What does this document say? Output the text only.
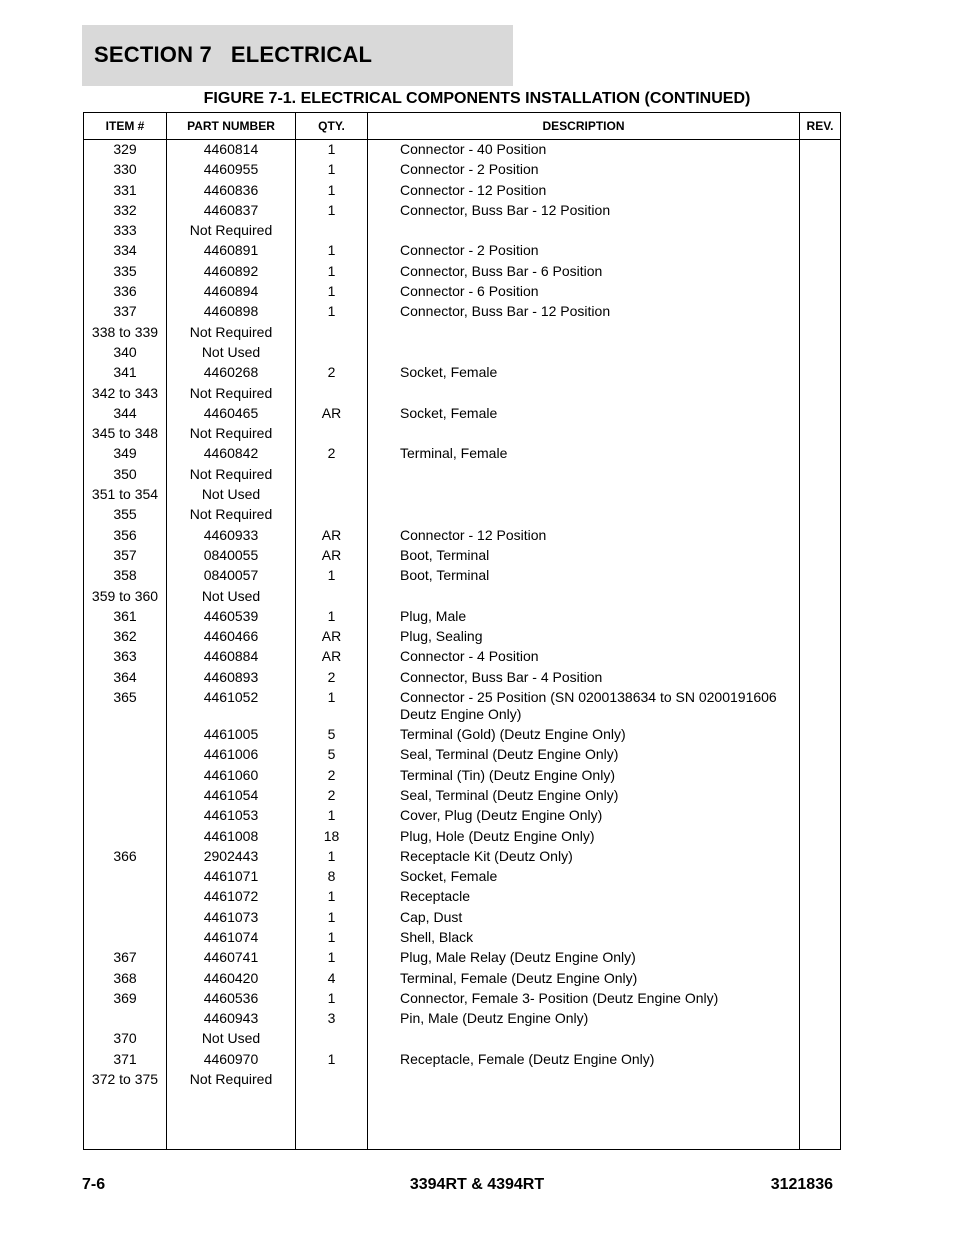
SECTION 7   ELECTRICAL
FIGURE 7-1. ELECTRICAL COMPONENTS INSTALLATION (CONTINUED)
ITEM #	PART NUMBER	QTY.	DESCRIPTION	REV.
329	4460814	1	Connector - 40 Position
330	4460955	1	Connector - 2 Position
331	4460836	1	Connector - 12 Position
332	4460837	1	Connector, Buss Bar - 12 Position
333	Not Required
334	4460891	1	Connector - 2 Position
335	4460892	1	Connector, Buss Bar - 6 Position
336	4460894	1	Connector - 6 Position
337	4460898	1	Connector, Buss Bar - 12 Position
338 to 339	Not Required
340	Not Used
341	4460268	2	Socket, Female
342 to 343	Not Required
344	4460465	AR	Socket, Female
345 to 348	Not Required
349	4460842	2	Terminal, Female
350	Not Required
351 to 354	Not Used
355	Not Required
356	4460933	AR	Connector - 12 Position
357	0840055	AR	Boot, Terminal
358	0840057	1	Boot, Terminal
359 to 360	Not Used
361	4460539	1	Plug, Male
362	4460466	AR	Plug, Sealing
363	4460884	AR	Connector - 4 Position
364	4460893	2	Connector, Buss Bar - 4 Position
365	4461052	1	Connector - 25 Position (SN 0200138634 to SN 0200191606
Deutz Engine Only)
4461005	5	Terminal (Gold) (Deutz Engine Only)
4461006	5	Seal, Terminal (Deutz Engine Only)
4461060	2	Terminal (Tin) (Deutz Engine Only)
4461054	2	Seal, Terminal (Deutz Engine Only)
4461053	1	Cover, Plug (Deutz Engine Only)
4461008	18	Plug, Hole (Deutz Engine Only)
366	2902443	1	Receptacle Kit (Deutz Only)
4461071	8	Socket, Female
4461072	1	Receptacle
4461073	1	Cap, Dust
4461074	1	Shell, Black
367	4460741	1	Plug, Male Relay (Deutz Engine Only)
368	4460420	4	Terminal, Female (Deutz Engine Only)
369	4460536	1	Connector, Female 3- Position (Deutz Engine Only)
4460943	3	Pin, Male (Deutz Engine Only)
370	Not Used
371	4460970	1	Receptacle, Female (Deutz Engine Only)
372 to 375	Not Required
7-6	3394RT & 4394RT	3121836
